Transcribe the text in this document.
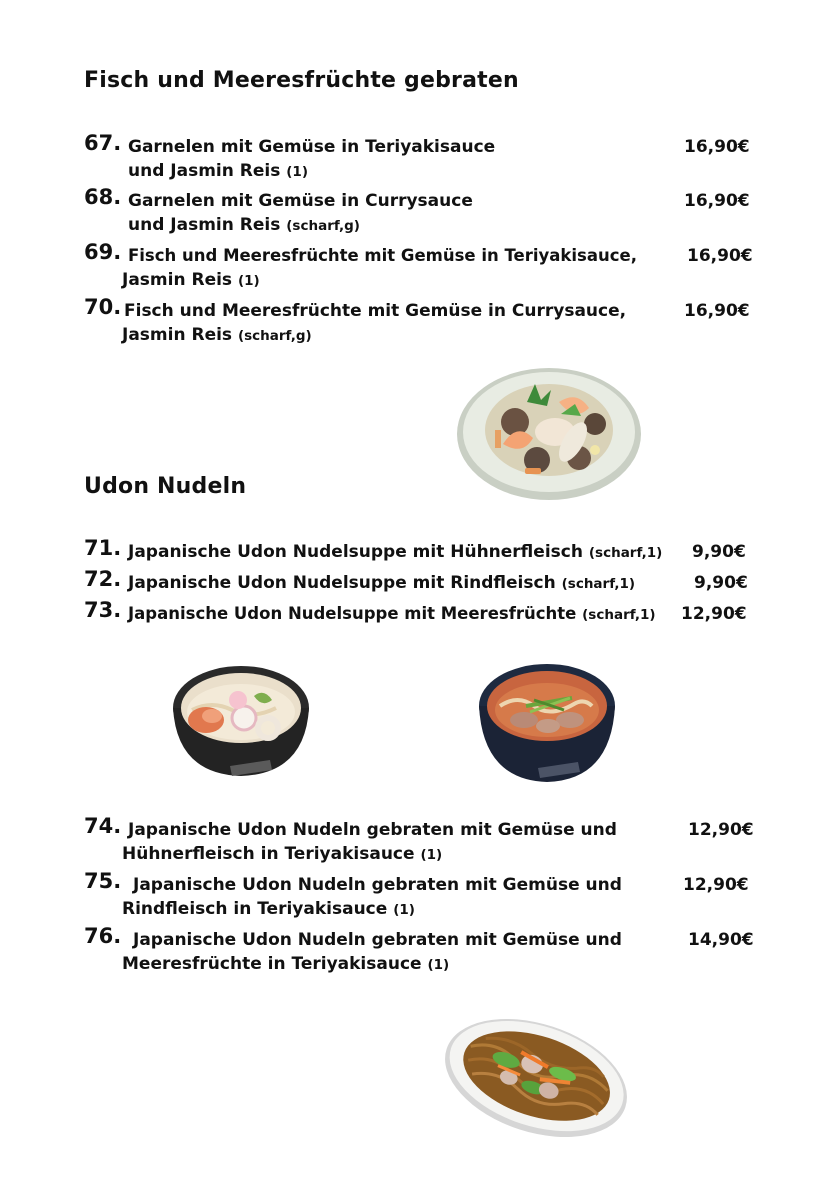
Fisch und Meeresfrüchte gebraten
67. Garnelen mit Gemüse in Teriyakisauce
und Jasmin Reis (1)
16,90€
68. Garnelen mit Gemüse in Currysauce
und Jasmin Reis (scharf,g)
16,90€
69. Fisch und Meeresfrüchte mit Gemüse in Teriyakisauce,
Jasmin Reis (1)
16,90€
70. Fisch und Meeresfrüchte mit Gemüse in Currysauce,
Jasmin Reis (scharf,g)
16,90€
Udon Nudeln
71. Japanische Udon Nudelsuppe mit Hühnerfleisch (scharf,1) 9,90€
72. Japanische Udon Nudelsuppe mit Rindfleisch (scharf,1)	9,90€
73. Japanische Udon Nudelsuppe mit Meeresfrüchte (scharf,1) 12,90€
74. Japanische Udon Nudeln gebraten mit Gemüse und
Hühnerfleisch in Teriyakisauce (1)
12,90€
75. Japanische Udon Nudeln gebraten mit Gemüse und
Rindfleisch in Teriyakisauce (1)
12,90€
76. Japanische Udon Nudeln gebraten mit Gemüse und
Meeresfrüchte in Teriyakisauce (1)
14,90€
